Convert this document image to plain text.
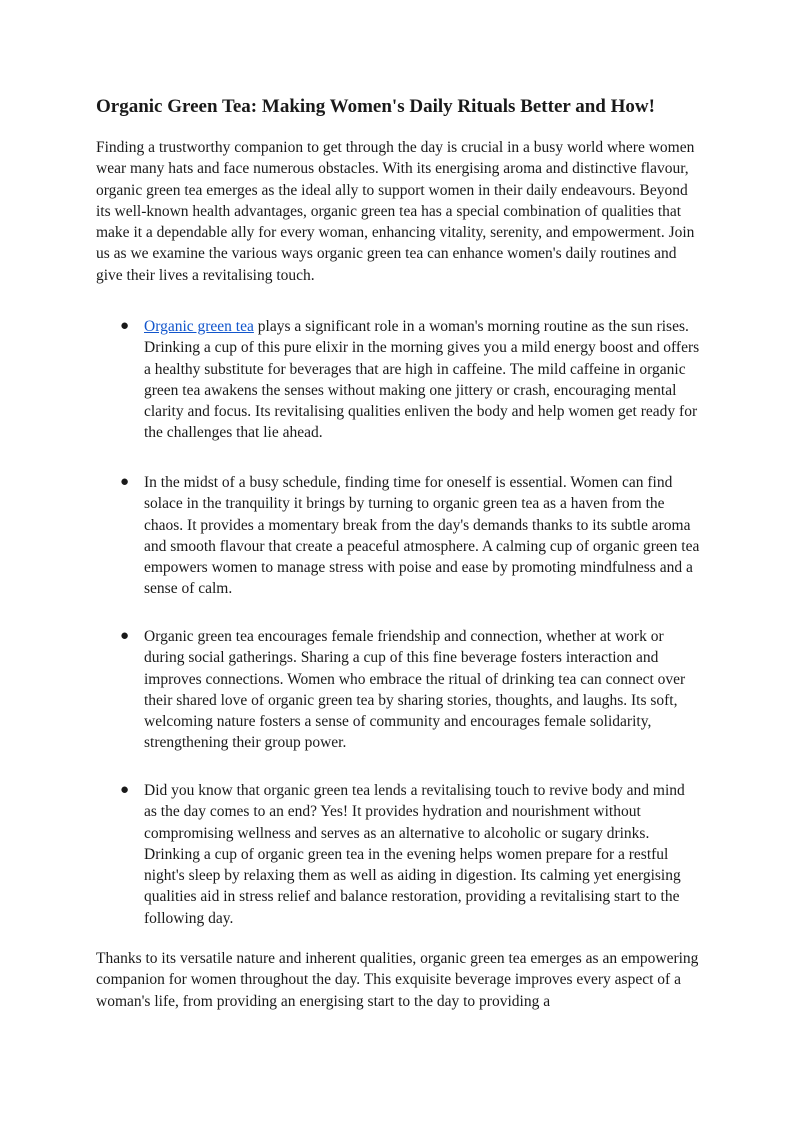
Organic Green Tea: Making Women's Daily Rituals Better and How!

Finding a trustworthy companion to get through the day is crucial in a busy world where women wear many hats and face numerous obstacles. With its energising aroma and distinctive flavour, organic green tea emerges as the ideal ally to support women in their daily endeavours. Beyond its well-known health advantages, organic green tea has a special combination of qualities that make it a dependable ally for every woman, enhancing vitality, serenity, and empowerment. Join us as we examine the various ways organic green tea can enhance women's daily routines and give their lives a revitalising touch.

● Organic green tea plays a significant role in a woman's morning routine as the sun rises. Drinking a cup of this pure elixir in the morning gives you a mild energy boost and offers a healthy substitute for beverages that are high in caffeine. The mild caffeine in organic green tea awakens the senses without making one jittery or crash, encouraging mental clarity and focus. Its revitalising qualities enliven the body and help women get ready for the challenges that lie ahead.

● In the midst of a busy schedule, finding time for oneself is essential. Women can find solace in the tranquility it brings by turning to organic green tea as a haven from the chaos. It provides a momentary break from the day's demands thanks to its subtle aroma and smooth flavour that create a peaceful atmosphere. A calming cup of organic green tea empowers women to manage stress with poise and ease by promoting mindfulness and a sense of calm.

● Organic green tea encourages female friendship and connection, whether at work or during social gatherings. Sharing a cup of this fine beverage fosters interaction and improves connections. Women who embrace the ritual of drinking tea can connect over their shared love of organic green tea by sharing stories, thoughts, and laughs. Its soft, welcoming nature fosters a sense of community and encourages female solidarity, strengthening their group power.

● Did you know that organic green tea lends a revitalising touch to revive body and mind as the day comes to an end? Yes! It provides hydration and nourishment without compromising wellness and serves as an alternative to alcoholic or sugary drinks. Drinking a cup of organic green tea in the evening helps women prepare for a restful night's sleep by relaxing them as well as aiding in digestion. Its calming yet energising qualities aid in stress relief and balance restoration, providing a revitalising start to the following day.

Thanks to its versatile nature and inherent qualities, organic green tea emerges as an empowering companion for women throughout the day. This exquisite beverage improves every aspect of a woman's life, from providing an energising start to the day to providing a
